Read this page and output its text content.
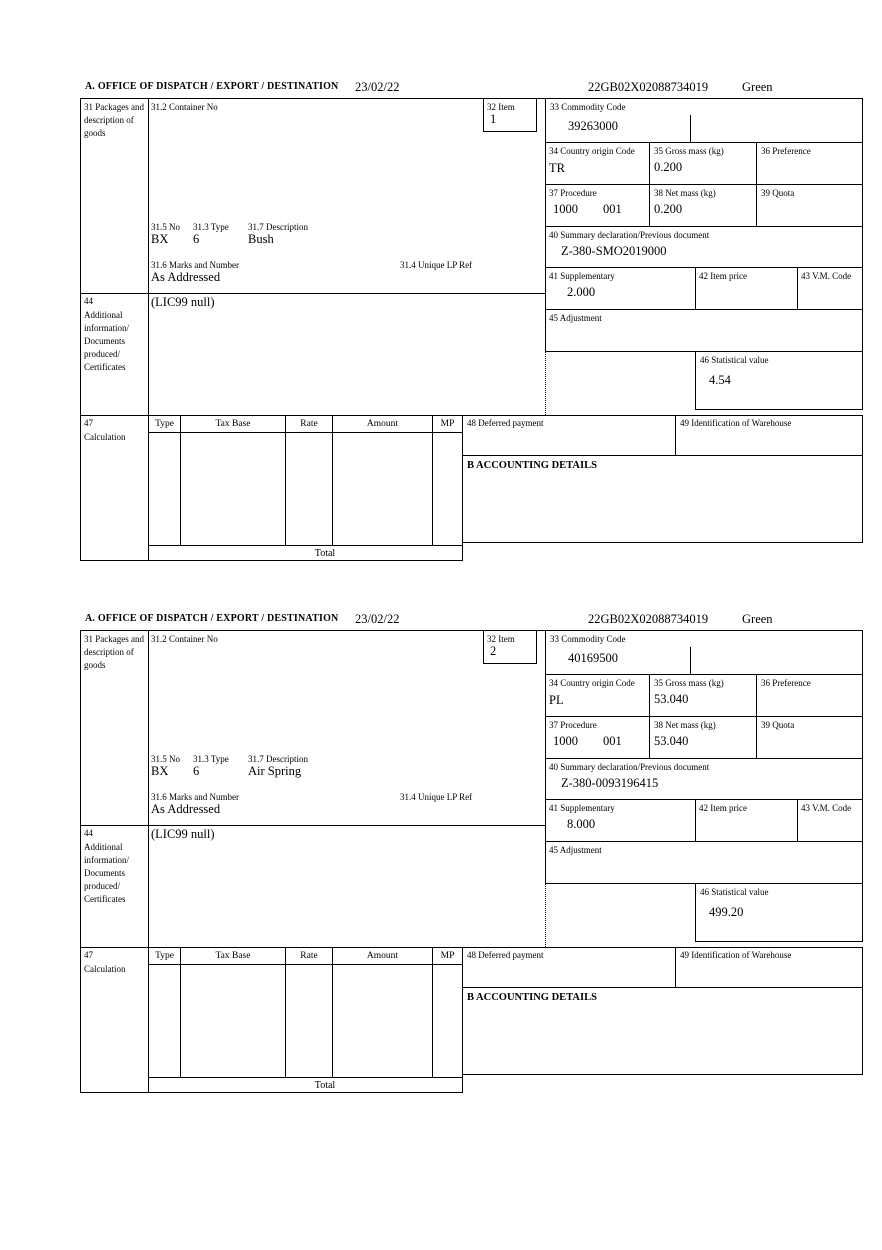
A. OFFICE OF DISPATCH / EXPORT / DESTINATION 23/02/22	22GB02X02088734019	Green
31 Packages and description of goods
44
Additional information/ Documents produced/ Certificates
47
Calculation
31.2 Container No	32 Item
1
33 Commodity Code
39263000
34 Country origin Code
TR
35 Gross mass (kg)
0.200
36 Preference
37 Procedure
1000 001
38 Net mass (kg)
0.200
39 Quota
31.5 No 31.3 Type 31.7 Description
BX 6	Bush	40 Summary declaration/Previous document
Z-380-SMO2019000
31.6 Marks and Number	31.4 Unique LP Ref
As Addressed	41 Supplementary
2.000
42 Item price	43 V.M. Code
(LIC99 null)
45 Adjustment
46 Statistical value
4.54
Type	Tax Base	Rate	Amount	MP
Total
48 Deferred payment	49 Identification of Warehouse
B ACCOUNTING DETAILS
A. OFFICE OF DISPATCH / EXPORT / DESTINATION 23/02/22	22GB02X02088734019	Green
31 Packages and description of goods
44
Additional information/ Documents produced/ Certificates
47
Calculation
31.2 Container No	32 Item
2
33 Commodity Code
40169500
34 Country origin Code
PL
35 Gross mass (kg)
53.040
36 Preference
37 Procedure
1000 001
38 Net mass (kg)
53.040
39 Quota
31.5 No 31.3 Type 31.7 Description
BX 6	Air Spring	40 Summary declaration/Previous document
Z-380-0093196415
31.6 Marks and Number	31.4 Unique LP Ref
As Addressed	41 Supplementary
8.000
42 Item price	43 V.M. Code
(LIC99 null)
45 Adjustment
46 Statistical value
499.20
Type	Tax Base	Rate	Amount	MP
Total
48 Deferred payment	49 Identification of Warehouse
B ACCOUNTING DETAILS
